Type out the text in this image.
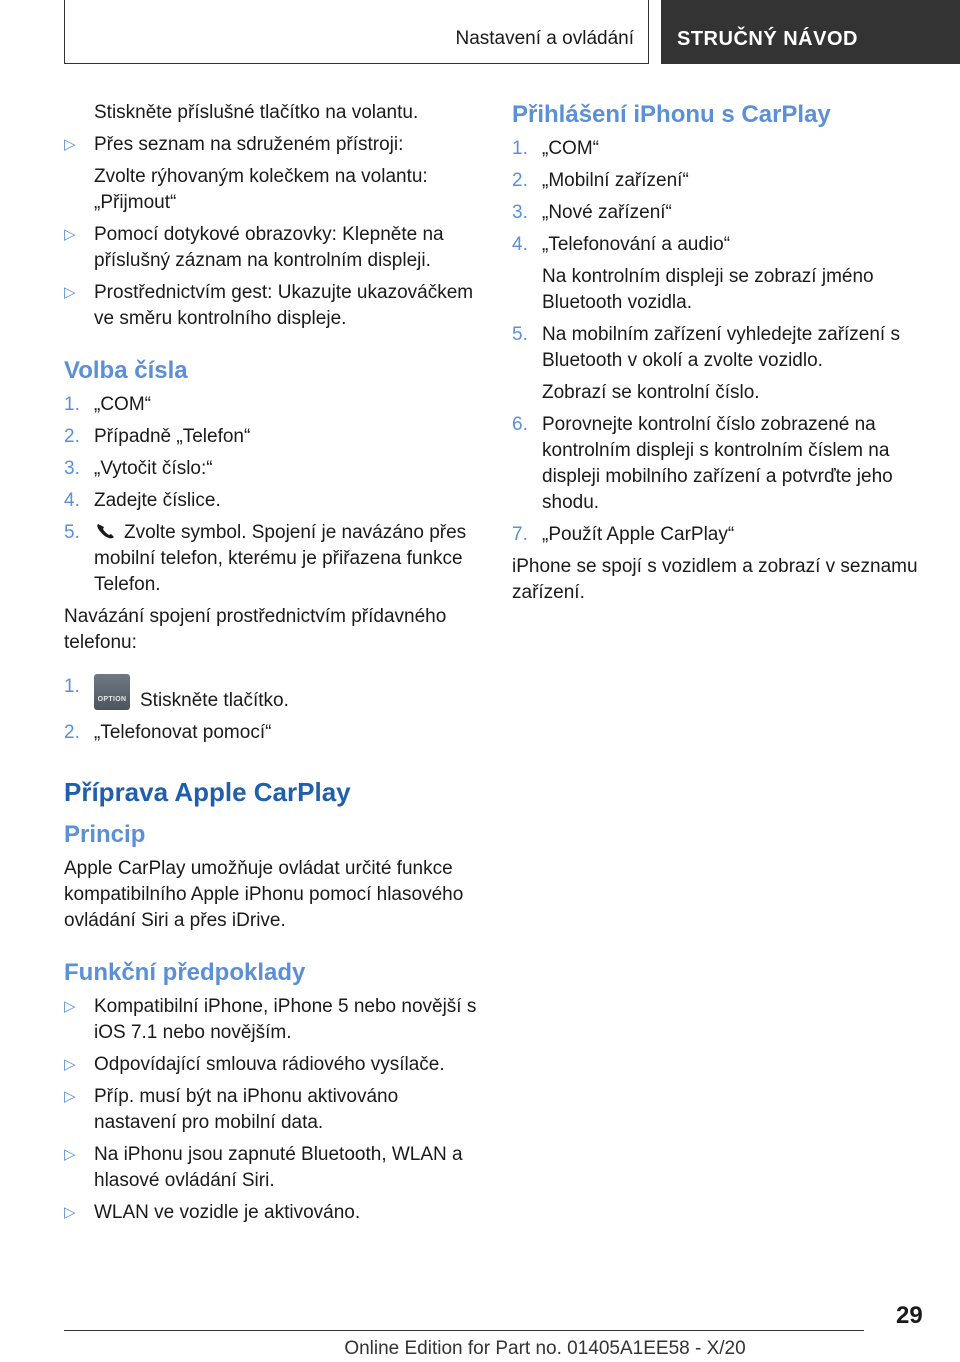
Nastavení a ovládání STRUČNÝ NÁVOD

Stiskněte příslušné tlačítko na volantu.

▷ Přes seznam na sdruženém přístroji:

Zvolte rýhovaným kolečkem na volantu: „Přijmout“

▷ Pomocí dotykové obrazovky: Klepněte na příslušný záznam na kontrolním displeji.
▷ Prostřednictvím gest: Ukazujte ukazováčkem ve směru kontrolního displeje.
Volba čísla
1. „COM“
2. Případně „Telefon“
3. „Vytočit číslo:“
4. Zadejte číslice.
5. Zvolte symbol. Spojení je navázáno přes mobilní telefon, kterému je přiřazena funkce Telefon.

Navázání spojení prostřednictvím přídavného telefonu:

1.
OPTION Stiskněte tlačítko.
2. „Telefonovat pomocí“
Příprava Apple CarPlay
Princip

Apple CarPlay umožňuje ovládat určité funkce kompatibilního Apple iPhonu pomocí hlasového ovládání Siri a přes iDrive.

Funkční předpoklady
▷ Kompatibilní iPhone, iPhone 5 nebo novější s iOS 7.1 nebo novějším.
▷ Odpovídající smlouva rádiového vysílače.
▷ Příp. musí být na iPhonu aktivováno nastavení pro mobilní data.
▷ Na iPhonu jsou zapnuté Bluetooth, WLAN a hlasové ovládání Siri.
▷ WLAN ve vozidle je aktivováno.
Přihlášení iPhonu s CarPlay
1. „COM“
2. „Mobilní zařízení“
3. „Nové zařízení“
4. „Telefonování a audio“

Na kontrolním displeji se zobrazí jméno Bluetooth vozidla.

5. Na mobilním zařízení vyhledejte zařízení s Bluetooth v okolí a zvolte vozidlo.

Zobrazí se kontrolní číslo.

6. Porovnejte kontrolní číslo zobrazené na kontrolním displeji s kontrolním číslem na displeji mobilního zařízení a potvrďte jeho shodu.
7. „Použít Apple CarPlay“

iPhone se spojí s vozidlem a zobrazí v seznamu zařízení.

29
Online Edition for Part no. 01405A1EE58 - X/20
